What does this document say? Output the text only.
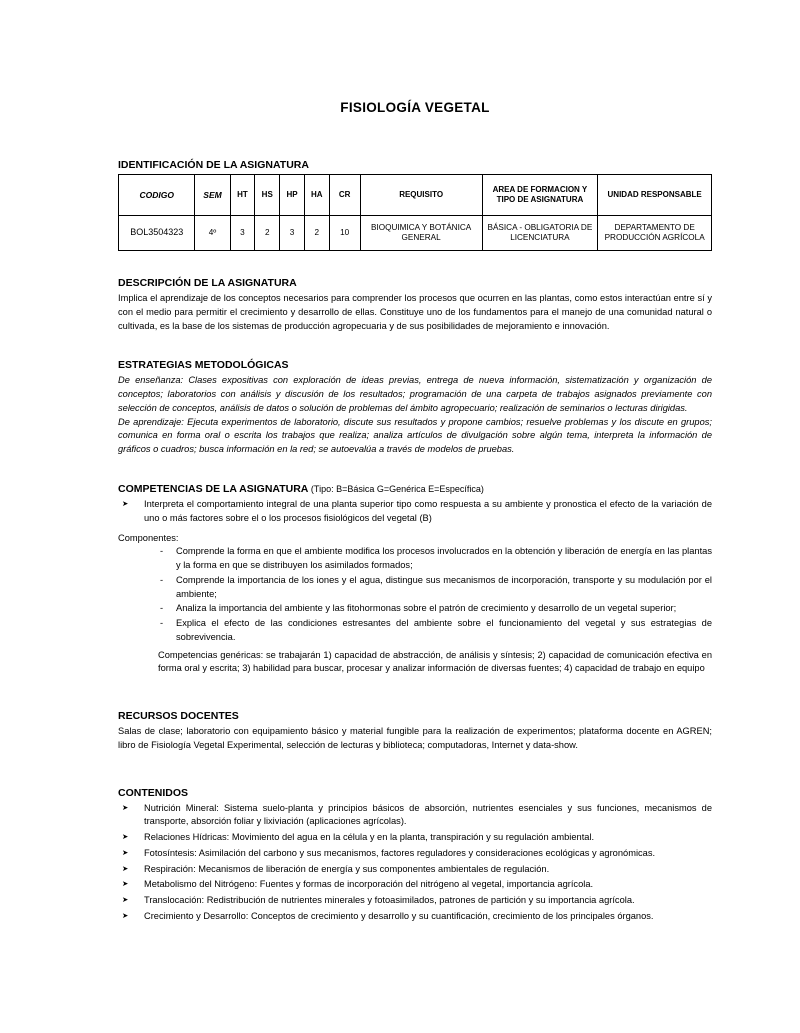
FISIOLOGÍA VEGETAL
IDENTIFICACIÓN DE LA ASIGNATURA
CODIGO	SEM	HT	HS	HP	HA	CR	REQUISITO	AREA DE FORMACION Y TIPO DE ASIGNATURA	UNIDAD RESPONSABLE
BOL3504323	4º	3	2	3	2	10	BIOQUIMICA Y BOTÁNICA GENERAL	BÁSICA - OBLIGATORIA DE LICENCIATURA	DEPARTAMENTO DE PRODUCCIÓN AGRÍCOLA
DESCRIPCIÓN DE LA ASIGNATURA

Implica el aprendizaje de los conceptos necesarios para comprender los procesos que ocurren en las plantas, como estos interactúan entre sí y con el medio para permitir el crecimiento y desarrollo de ellas. Constituye uno de los fundamentos para el manejo de una comunidad natural o cultivada, es la base de los sistemas de producción agropecuaria y de sus posibilidades de mejoramiento e innovación.

ESTRATEGIAS METODOLÓGICAS

De enseñanza: Clases expositivas con exploración de ideas previas, entrega de nueva información, sistematización y organización de conceptos; laboratorios con análisis y discusión de los resultados; programación de una carpeta de trabajos asignados previamente con selección de conceptos, análisis de datos o solución de problemas del ámbito agropecuario; realización de seminarios o lecturas dirigidas.

De aprendizaje: Ejecuta experimentos de laboratorio, discute sus resultados y propone cambios; resuelve problemas y los discute en grupos; comunica en forma oral o escrita los trabajos que realiza; analiza artículos de divulgación sobre algún tema, interpreta la información de gráficos o cuadros; busca información en la red; se autoevalúa a través de modelos de pruebas.

COMPETENCIAS DE LA ASIGNATURA (Tipo: B=Básica G=Genérica E=Específica)
➤ Interpreta el comportamiento integral de una planta superior tipo como respuesta a su ambiente y pronostica el efecto de la variación de uno o más factores sobre el o los procesos fisiológicos del vegetal (B)
Componentes:
- Comprende la forma en que el ambiente modifica los procesos involucrados en la obtención y liberación de energía en las plantas y la forma en que se distribuyen los asimilados formados;
- Comprende la importancia de los iones y el agua, distingue sus mecanismos de incorporación, transporte y su modulación por el ambiente;
- Analiza la importancia del ambiente y las fitohormonas sobre el patrón de crecimiento y desarrollo de un vegetal superior;
- Explica el efecto de las condiciones estresantes del ambiente sobre el funcionamiento del vegetal y sus estrategias de sobrevivencia.

Competencias genéricas: se trabajarán 1) capacidad de abstracción, de análisis y síntesis; 2) capacidad de comunicación efectiva en forma oral y escrita; 3) habilidad para buscar, procesar y analizar información de diversas fuentes; 4) capacidad de trabajo en equipo

RECURSOS DOCENTES

Salas de clase; laboratorio con equipamiento básico y material fungible para la realización de experimentos; plataforma docente en AGREN; libro de Fisiología Vegetal Experimental, selección de lecturas y biblioteca; computadoras, Internet y data-show.

CONTENIDOS
➤ Nutrición Mineral: Sistema suelo-planta y principios básicos de absorción, nutrientes esenciales y sus funciones, mecanismos de transporte, absorción foliar y lixiviación (aplicaciones agrícolas).
➤ Relaciones Hídricas: Movimiento del agua en la célula y en la planta, transpiración y su regulación ambiental.
➤ Fotosíntesis: Asimilación del carbono y sus mecanismos, factores reguladores y consideraciones ecológicas y agronómicas.
➤ Respiración: Mecanismos de liberación de energía y sus componentes ambientales de regulación.
➤ Metabolismo del Nitrógeno: Fuentes y formas de incorporación del nitrógeno al vegetal, importancia agrícola.
➤ Translocación: Redistribución de nutrientes minerales y fotoasimilados, patrones de partición y su importancia agrícola.
➤ Crecimiento y Desarrollo: Conceptos de crecimiento y desarrollo y su cuantificación, crecimiento de los principales órganos.
